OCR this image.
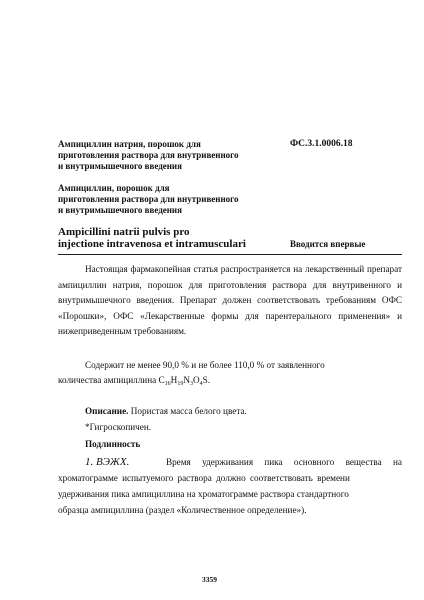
Ампициллин натрия, порошок для
приготовления раствора для внутривенного
и внутримышечного введения
ФС.3.1.0006.18
Ампициллин, порошок для
приготовления раствора для внутривенного
и внутримышечного введения
Ampicillini natrii pulvis pro
injectione intravenosa et intramusculari	Вводится впервые

Настоящая фармакопейная статья распространяется на лекарственный препарат ампициллин натрия, порошок для приготовления раствора для внутривенного и внутримышечного введения. Препарат должен соответствовать требованиям ОФС «Порошки», ОФС «Лекарственные формы для парентерального применения» и нижеприведенным требованиям.

Содержит не менее 90,0 % и не более 110,0 % от заявленного
количества ампициллина $C_{16}H_{19}N_3O_4S$.
Описание. Пористая масса белого цвета.
*Гигроскопичен.
Подлинность
1. ВЭЖХ.	Время удерживания пика основного вещества на
хроматограмме испытуемого раствора должно соответствовать времени
удерживания пика ампициллина на хроматограмме раствора стандартного
образца ампициллина (раздел «Количественное определение»).
3359
